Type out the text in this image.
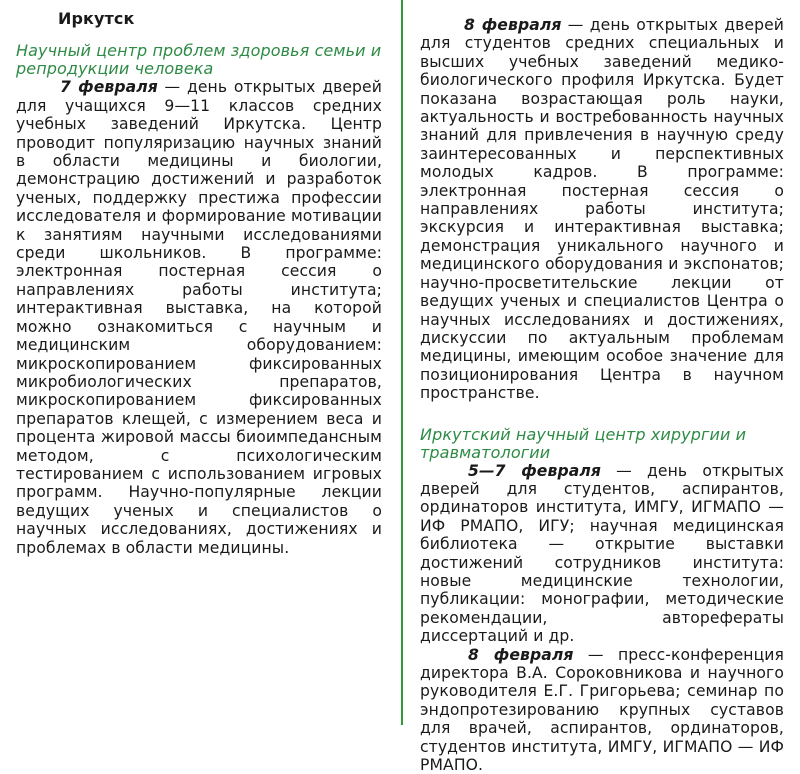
Иркутск
Научный центр проблем здоровья семьи и репродукции человека

7 февраля — день открытых дверей для учащихся 9—11 классов средних учебных заведений Иркутска. Центр проводит популяризацию научных знаний в области медицины и биологии, демонстрацию достижений и разработок ученых, поддержку престижа профессии исследователя и формирование мотивации к занятиям научными исследованиями среди школьников. В программе: электронная постерная сессия о направлениях работы института; интерактивная выставка, на которой можно ознакомиться с научным и медицинским оборудованием: микроскопированием фиксированных микробиологических препаратов, микроскопированием фиксированных препаратов клещей, с измерением веса и процента жировой массы биоимпедансным методом, с психологическим тестированием с использованием игровых программ. Научно-популярные лекции ведущих ученых и специалистов о научных исследованиях, достижениях и проблемах в области медицины.

8 февраля — день открытых дверей для студентов средних специальных и высших учебных заведений медико-биологического профиля Иркутска. Будет показана возрастающая роль науки, актуальность и востребованность научных знаний для привлечения в научную среду заинтересованных и перспективных молодых кадров. В программе: электронная постерная сессия о направлениях работы института; экскурсия и интерактивная выставка; демонстрация уникального научного и медицинского оборудования и экспонатов; научно-просветительские лекции от ведущих ученых и специалистов Центра о научных исследованиях и достижениях, дискуссии по актуальным проблемам медицины, имеющим особое значение для позиционирования Центра в научном пространстве.

Иркутский научный центр хирургии и травматологии

5—7 февраля — день открытых дверей для студентов, аспирантов, ординаторов института, ИМГУ, ИГМАПО — ИФ РМАПО, ИГУ; научная медицинская библиотека — открытие выставки достижений сотрудников института: новые медицинские технологии, публикации: монографии, методические рекомендации, авторефераты диссертаций и др.

8 февраля — пресс-конференция директора В.А. Сороковникова и научного руководителя Е.Г. Григорьева; семинар по эндопротезированию крупных суставов для врачей, аспирантов, ординаторов, студентов института, ИМГУ, ИГМАПО — ИФ РМАПО.
